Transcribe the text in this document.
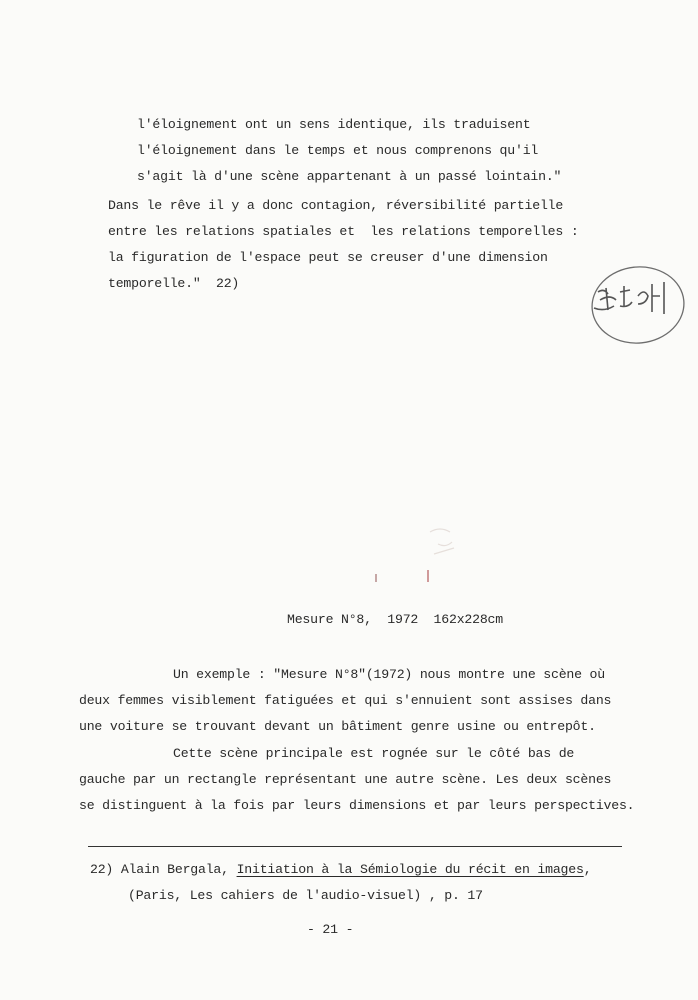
l'éloignement ont un sens identique, ils traduisent
l'éloignement dans le temps et nous comprenons qu'il
s'agit là d'une scène appartenant à un passé lointain."
Dans le rêve il y a donc contagion, réversibilité partielle
entre les relations spatiales et  les relations temporelles :
la figuration de l'espace peut se creuser d'une dimension
temporelle."  22)
Mesure N°8,  1972  162x228cm
Un exemple : "Mesure N°8"(1972) nous montre une scène où
deux femmes visiblement fatiguées et qui s'ennuient sont assises dans
une voiture se trouvant devant un bâtiment genre usine ou entrepôt.
Cette scène principale est rognée sur le côté bas de
gauche par un rectangle représentant une autre scène. Les deux scènes
se distinguent à la fois par leurs dimensions et par leurs perspectives.
22) Alain Bergala, Initiation à la Sémiologie du récit en images,
(Paris, Les cahiers de l'audio-visuel) , p. 17
- 21 -
